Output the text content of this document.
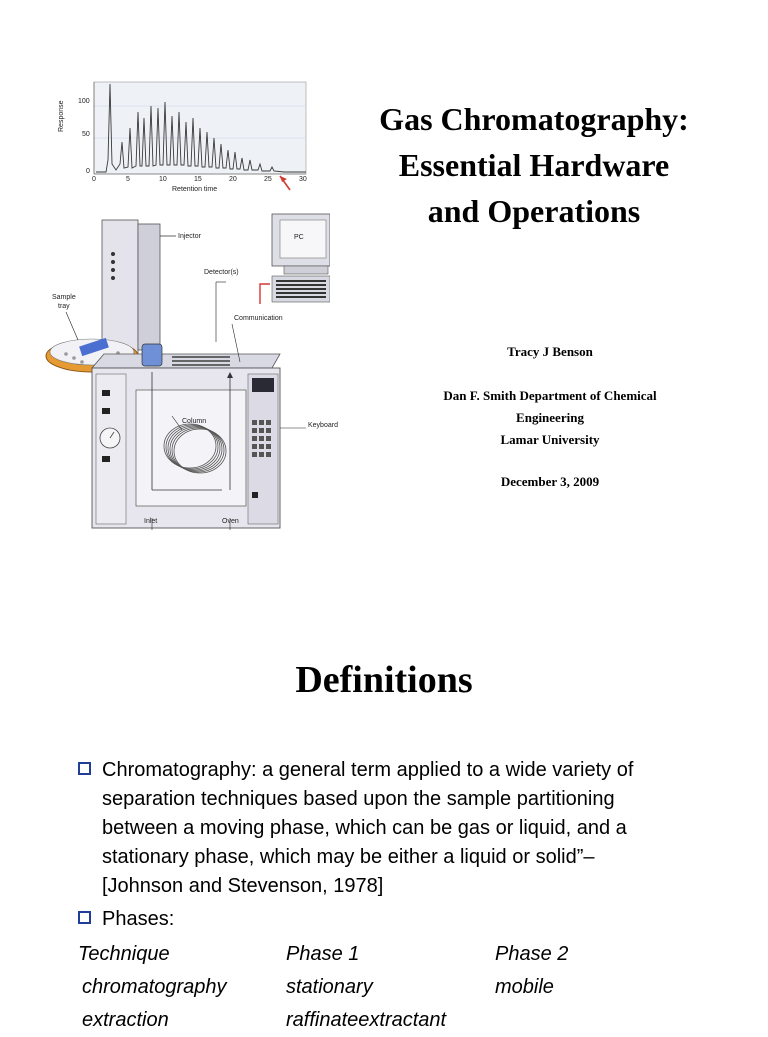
100
50
0
0	5	10	15	20	25	30
Retention time
Response
Injector
Sample
tray
Detector(s)
PC
Communication
Column
Keyboard
Inlet	Oven
Gas Chromatography:
Essential Hardware
and Operations
Tracy J Benson
Dan F. Smith Department of Chemical
Engineering
Lamar University
December 3, 2009
Definitions
Chromatography: a general term applied to a wide variety of
separation techniques based upon the sample partitioning
between a moving phase, which can be gas or liquid, and a
stationary phase, which may be either a liquid or solid”–
[Johnson and Stevenson, 1978]
Phases:
Technique	Phase 1	Phase 2
chromatography	stationary	mobile
extraction	raffinateextractant
